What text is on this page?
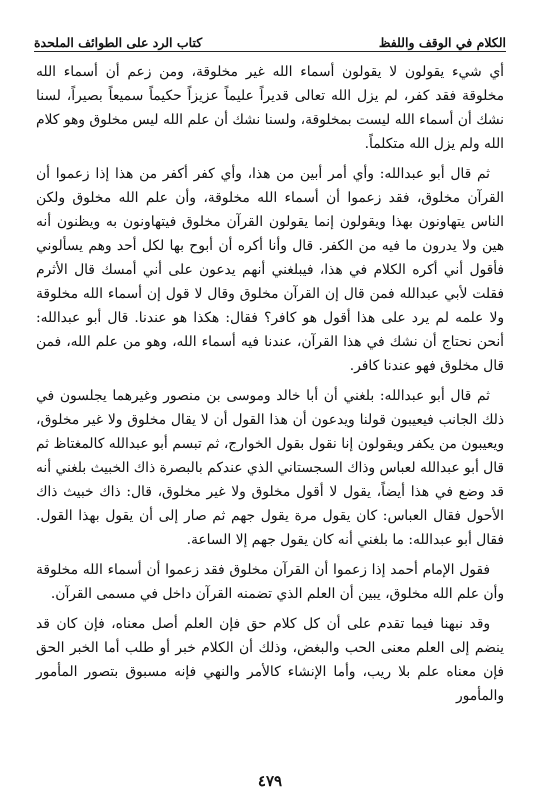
الكلام في الوقف واللفظ
كتاب الرد على الطوائف الملحدة

أي شيء يقولون لا يقولون أسماء الله غير مخلوقة، ومن زعم أن أسماء الله مخلوقة فقد كفر، لم يزل الله تعالى قديراً عليماً عزيزاً حكيماً سميعاً بصيراً، لسنا نشك أن أسماء الله ليست بمخلوقة، ولسنا نشك أن علم الله ليس مخلوق وهو كلام الله ولم يزل الله متكلماً.

ثم قال أبو عبدالله: وأي أمر أبين من هذا، وأي كفر أكفر من هذا إذا زعموا أن القرآن مخلوق، فقد زعموا أن أسماء الله مخلوقة، وأن علم الله مخلوق ولكن الناس يتهاونون بهذا ويقولون إنما يقولون القرآن مخلوق فيتهاونون به ويظنون أنه هين ولا يدرون ما فيه من الكفر. قال وأنا أكره أن أبوح بها لكل أحد وهم يسألوني فأقول أني أكره الكلام في هذا، فيبلغني أنهم يدعون على أني أمسك قال الأثرم فقلت لأبي عبدالله فمن قال إن القرآن مخلوق وقال لا قول إن أسماء الله مخلوقة ولا علمه لم يرد على هذا أقول هو كافر؟ فقال: هكذا هو عندنا. قال أبو عبدالله: أنحن نحتاج أن نشك في هذا القرآن، عندنا فيه أسماء الله، وهو من علم الله، فمن قال مخلوق فهو عندنا كافر.

ثم قال أبو عبدالله: بلغني أن أبا خالد وموسى بن منصور وغيرهما يجلسون في ذلك الجانب فيعيبون قولنا ويدعون أن هذا القول أن لا يقال مخلوق ولا غير مخلوق، ويعيبون من يكفر ويقولون إنا نقول بقول الخوارج، ثم تبسم أبو عبدالله كالمغتاظ ثم قال أبو عبدالله لعباس وذاك السجستاني الذي عندكم بالبصرة ذاك الخبيث بلغني أنه قد وضع في هذا أيضاً، يقول لا أقول مخلوق ولا غير مخلوق، قال: ذاك خبيث ذاك الأحول فقال العباس: كان يقول مرة يقول جهم ثم صار إلى أن يقول بهذا القول. فقال أبو عبدالله: ما بلغني أنه كان يقول جهم إلا الساعة.

فقول الإمام أحمد إذا زعموا أن القرآن مخلوق فقد زعموا أن أسماء الله مخلوقة وأن علم الله مخلوق، يبين أن العلم الذي تضمنه القرآن داخل في مسمى القرآن.

وقد نبهنا فيما تقدم على أن كل كلام حق فإن العلم أصل معناه، فإن كان قد ينضم إلى العلم معنى الحب والبغض، وذلك أن الكلام خبر أو طلب أما الخبر الحق فإن معناه علم بلا ريب، وأما الإنشاء كالأمر والنهي فإنه مسبوق بتصور المأمور والمأمور

٤٧٩
